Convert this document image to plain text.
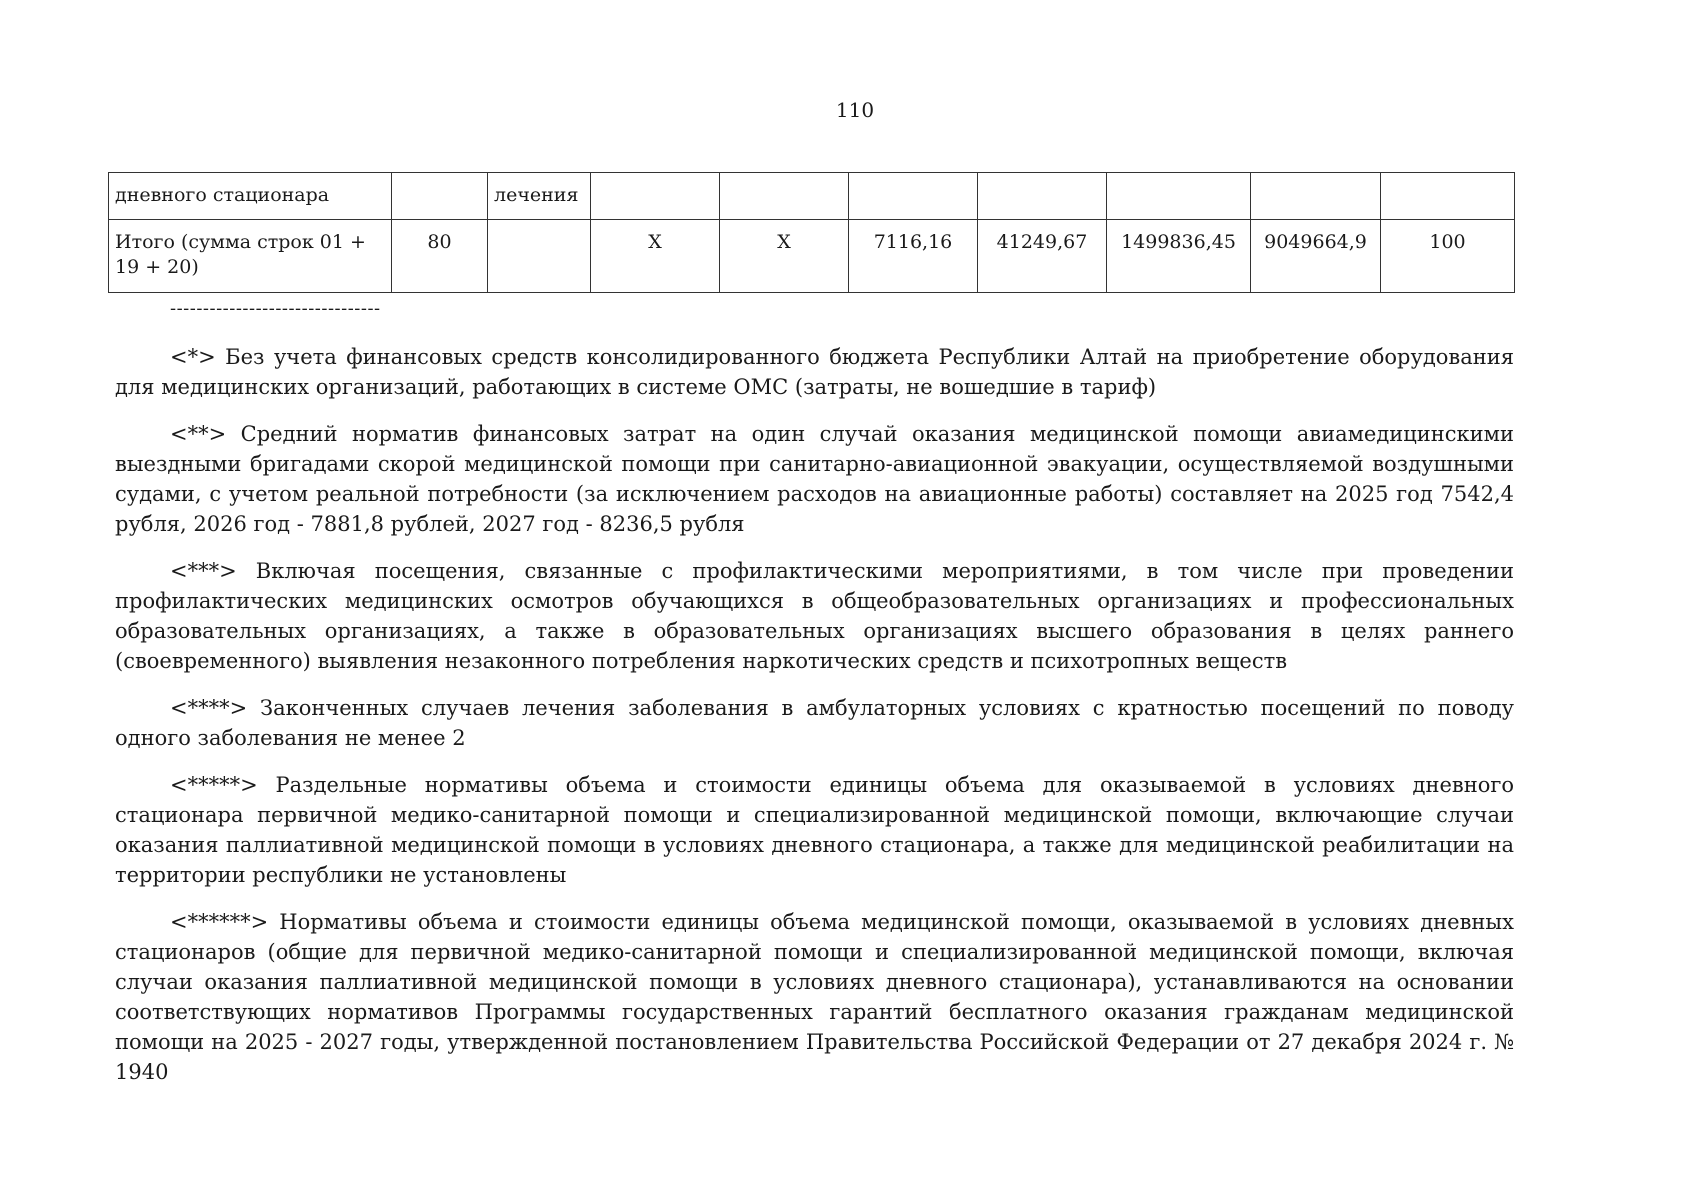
110
дневного стационара		лечения							
Итого (сумма строк 01 + 19 + 20)	80		Х	Х	7116,16	41249,67	1499836,45	9049664,9	100
--------------------------------

<*> Без учета финансовых средств консолидированного бюджета Республики Алтай на приобретение оборудования для медицинских организаций, работающих в системе ОМС (затраты, не вошедшие в тариф)

<**> Средний норматив финансовых затрат на один случай оказания медицинской помощи авиамедицинскими выездными бригадами скорой медицинской помощи при санитарно-авиационной эвакуации, осуществляемой воздушными судами, с учетом реальной потребности (за исключением расходов на авиационные работы) составляет на 2025 год 7542,4 рубля, 2026 год - 7881,8 рублей, 2027 год - 8236,5 рубля

<***> Включая посещения, связанные с профилактическими мероприятиями, в том числе при проведении профилактических медицинских осмотров обучающихся в общеобразовательных организациях и профессиональных образовательных организациях, а также в образовательных организациях высшего образования в целях раннего (своевременного) выявления незаконного потребления наркотических средств и психотропных веществ

<****> Законченных случаев лечения заболевания в амбулаторных условиях с кратностью посещений по поводу одного заболевания не менее 2

<*****> Раздельные нормативы объема и стоимости единицы объема для оказываемой в условиях дневного стационара первичной медико-санитарной помощи и специализированной медицинской помощи, включающие случаи оказания паллиативной медицинской помощи в условиях дневного стационара, а также для медицинской реабилитации на территории республики не установлены

<******> Нормативы объема и стоимости единицы объема медицинской помощи, оказываемой в условиях дневных стационаров (общие для первичной медико-санитарной помощи и специализированной медицинской помощи, включая случаи оказания паллиативной медицинской помощи в условиях дневного стационара), устанавливаются на основании соответствующих нормативов Программы государственных гарантий бесплатного оказания гражданам медицинской помощи на 2025 - 2027 годы, утвержденной постановлением Правительства Российской Федерации от 27 декабря 2024 г. № 1940
